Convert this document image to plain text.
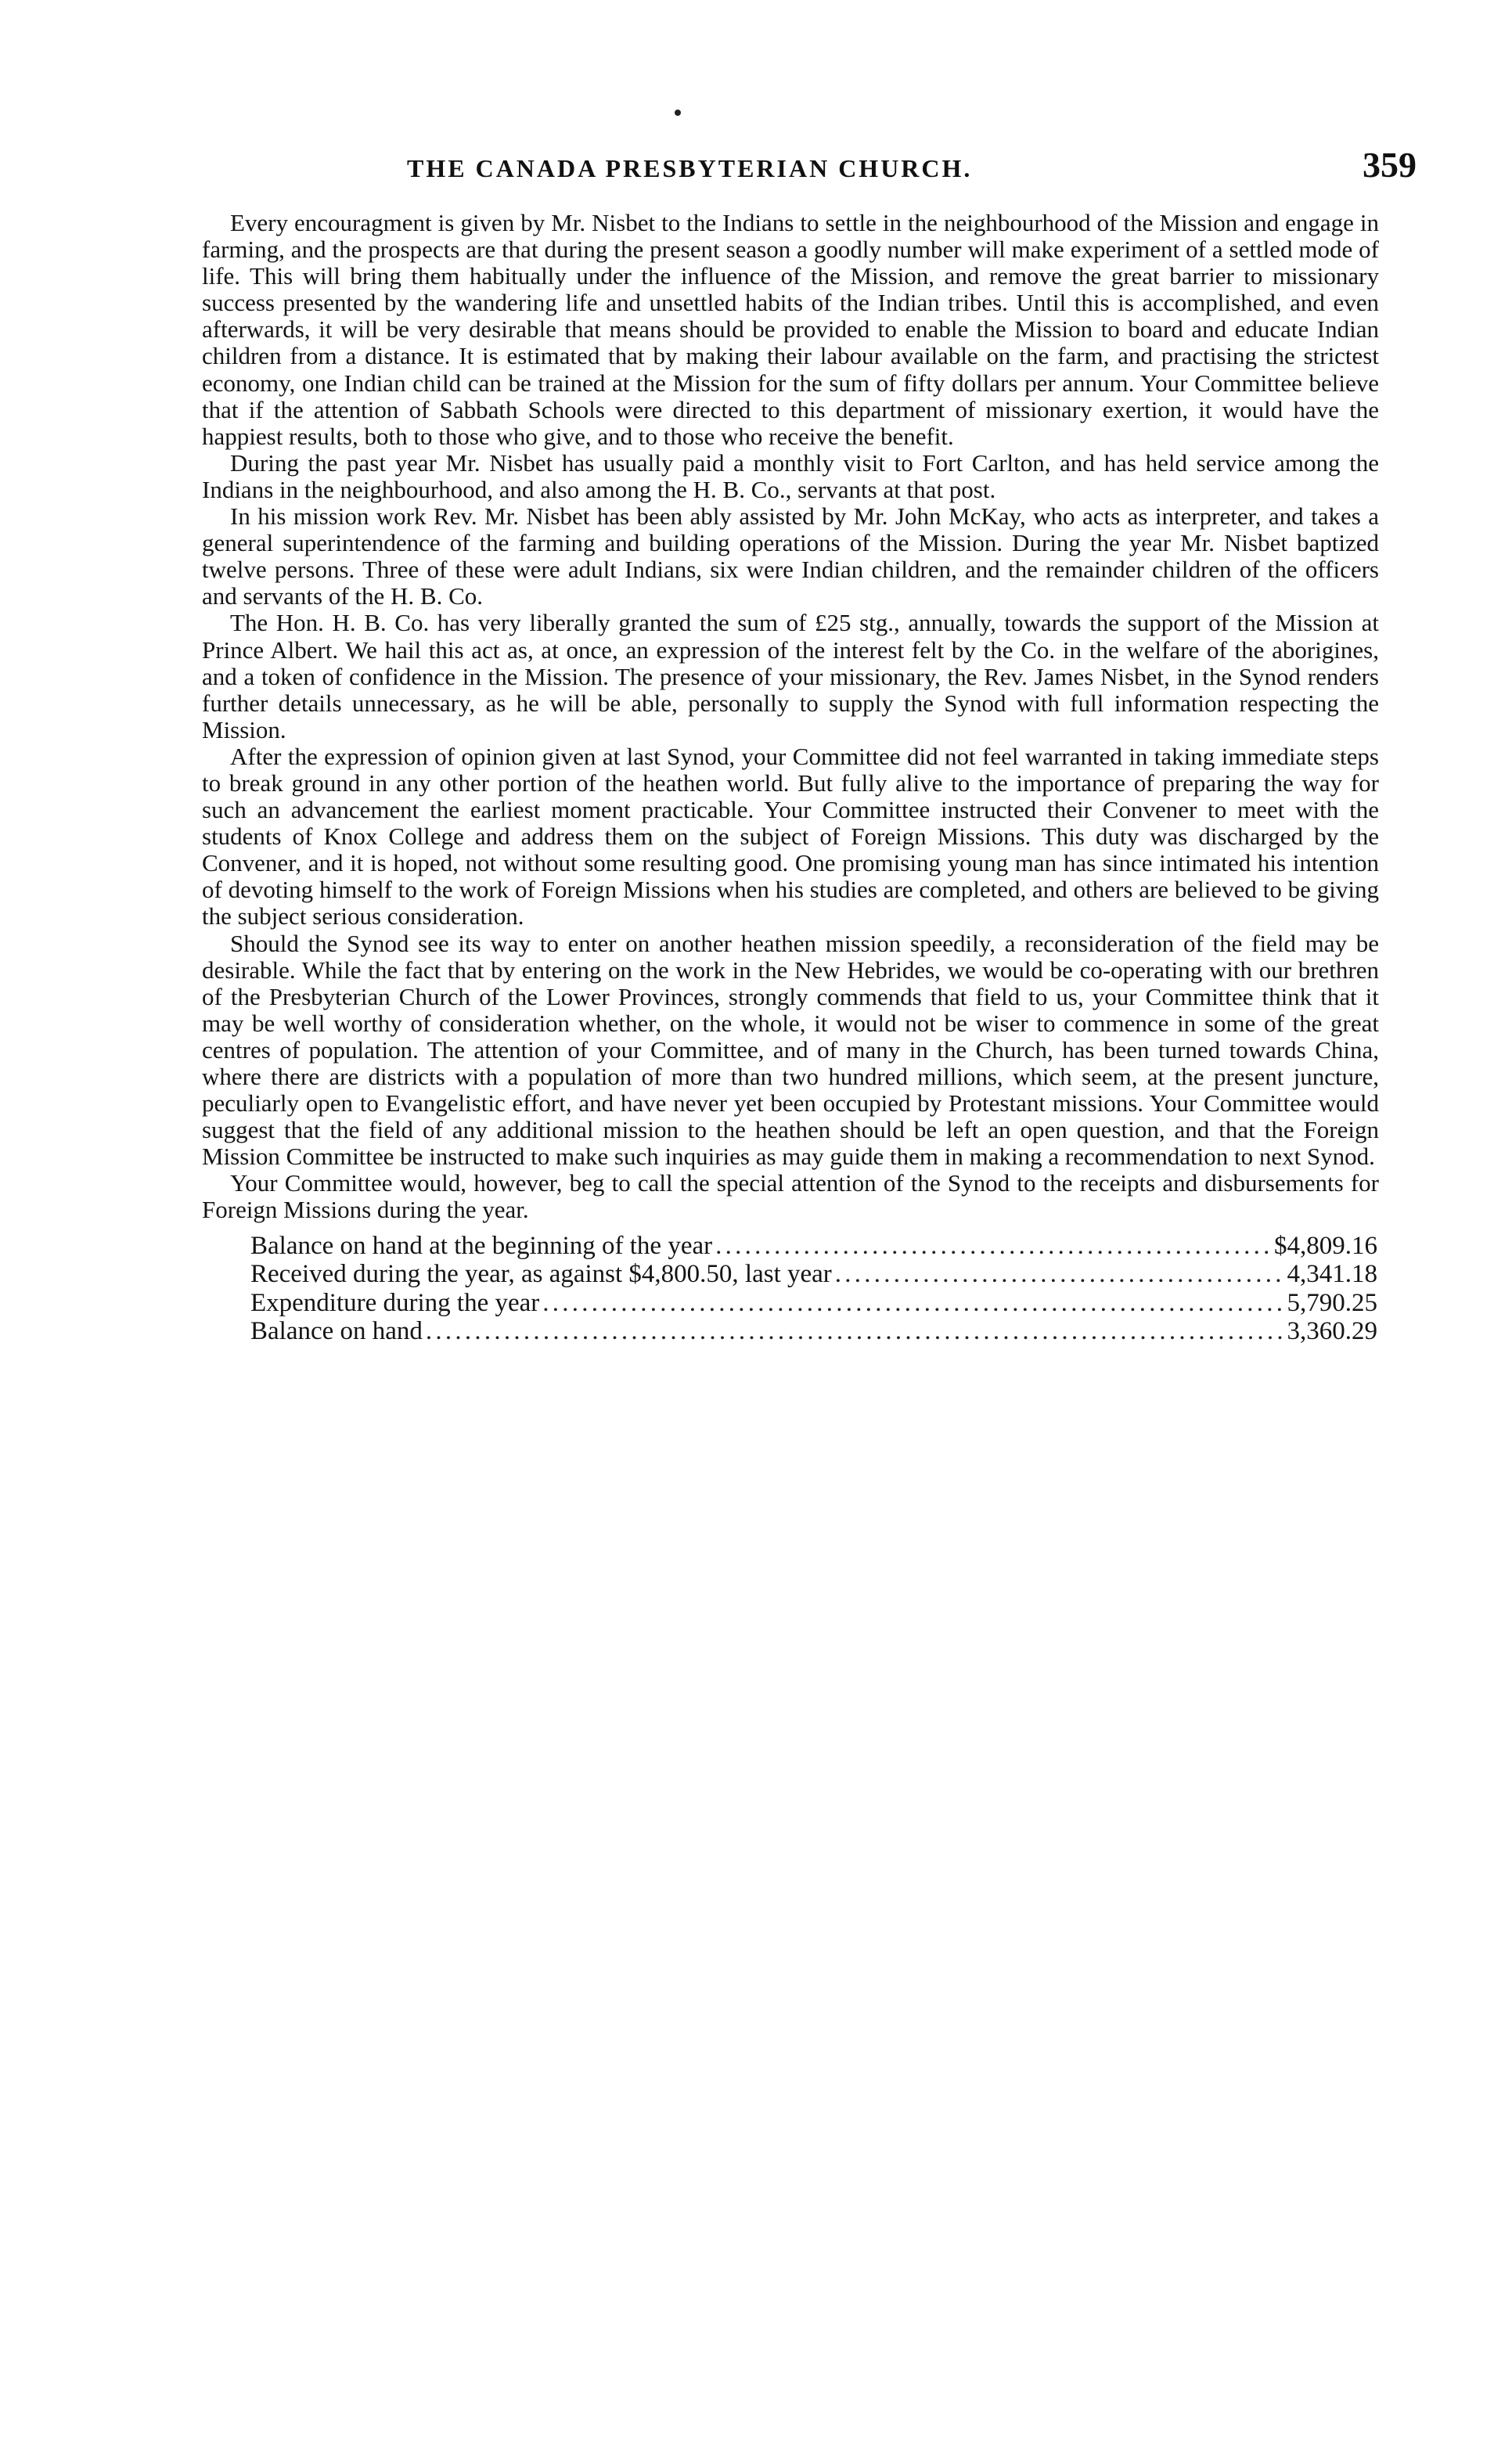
THE CANADA PRESBYTERIAN CHURCH.	359

Every encouragment is given by Mr. Nisbet to the Indians to settle in the neighbourhood of the Mission and engage in farming, and the prospects are that during the present season a goodly number will make experiment of a settled mode of life. This will bring them habitually under the influence of the Mission, and remove the great barrier to missionary success presented by the wandering life and unsettled habits of the Indian tribes. Until this is accomplished, and even afterwards, it will be very desirable that means should be provided to enable the Mission to board and educate Indian children from a distance. It is estimated that by making their labour available on the farm, and practising the strictest economy, one Indian child can be trained at the Mission for the sum of fifty dollars per annum. Your Committee believe that if the attention of Sabbath Schools were directed to this department of missionary exertion, it would have the happiest results, both to those who give, and to those who receive the benefit.

During the past year Mr. Nisbet has usually paid a monthly visit to Fort Carlton, and has held service among the Indians in the neighbourhood, and also among the H. B. Co., servants at that post.

In his mission work Rev. Mr. Nisbet has been ably assisted by Mr. John McKay, who acts as interpreter, and takes a general superintendence of the farming and building operations of the Mission. During the year Mr. Nisbet baptized twelve persons. Three of these were adult Indians, six were Indian children, and the remainder children of the officers and servants of the H. B. Co.

The Hon. H. B. Co. has very liberally granted the sum of £25 stg., annually, towards the support of the Mission at Prince Albert. We hail this act as, at once, an expression of the interest felt by the Co. in the welfare of the aborigines, and a token of confidence in the Mission. The presence of your missionary, the Rev. James Nisbet, in the Synod renders further details unnecessary, as he will be able, personally to supply the Synod with full information respecting the Mission.

After the expression of opinion given at last Synod, your Committee did not feel warranted in taking immediate steps to break ground in any other portion of the heathen world. But fully alive to the importance of preparing the way for such an advancement the earliest moment practicable. Your Committee instructed their Convener to meet with the students of Knox College and address them on the subject of Foreign Missions. This duty was discharged by the Convener, and it is hoped, not without some resulting good. One promising young man has since intimated his intention of devoting himself to the work of Foreign Missions when his studies are completed, and others are believed to be giving the subject serious consideration.

Should the Synod see its way to enter on another heathen mission speedily, a reconsideration of the field may be desirable. While the fact that by entering on the work in the New Hebrides, we would be co-operating with our brethren of the Presbyterian Church of the Lower Provinces, strongly commends that field to us, your Committee think that it may be well worthy of consideration whether, on the whole, it would not be wiser to commence in some of the great centres of population. The attention of your Committee, and of many in the Church, has been turned towards China, where there are districts with a population of more than two hundred millions, which seem, at the present juncture, peculiarly open to Evangelistic effort, and have never yet been occupied by Protestant missions. Your Committee would suggest that the field of any additional mission to the heathen should be left an open question, and that the Foreign Mission Committee be instructed to make such inquiries as may guide them in making a recommendation to next Synod.

Your Committee would, however, beg to call the special attention of the Synod to the receipts and disbursements for Foreign Missions during the year.

Balance on hand at the beginning of the year . . .	$4,809.16
Received during the year, as against $4,800.50, last year . . .	4,341.18
Expenditure during the year . . .	5,790.25
Balance on hand . . .	3,360.29
